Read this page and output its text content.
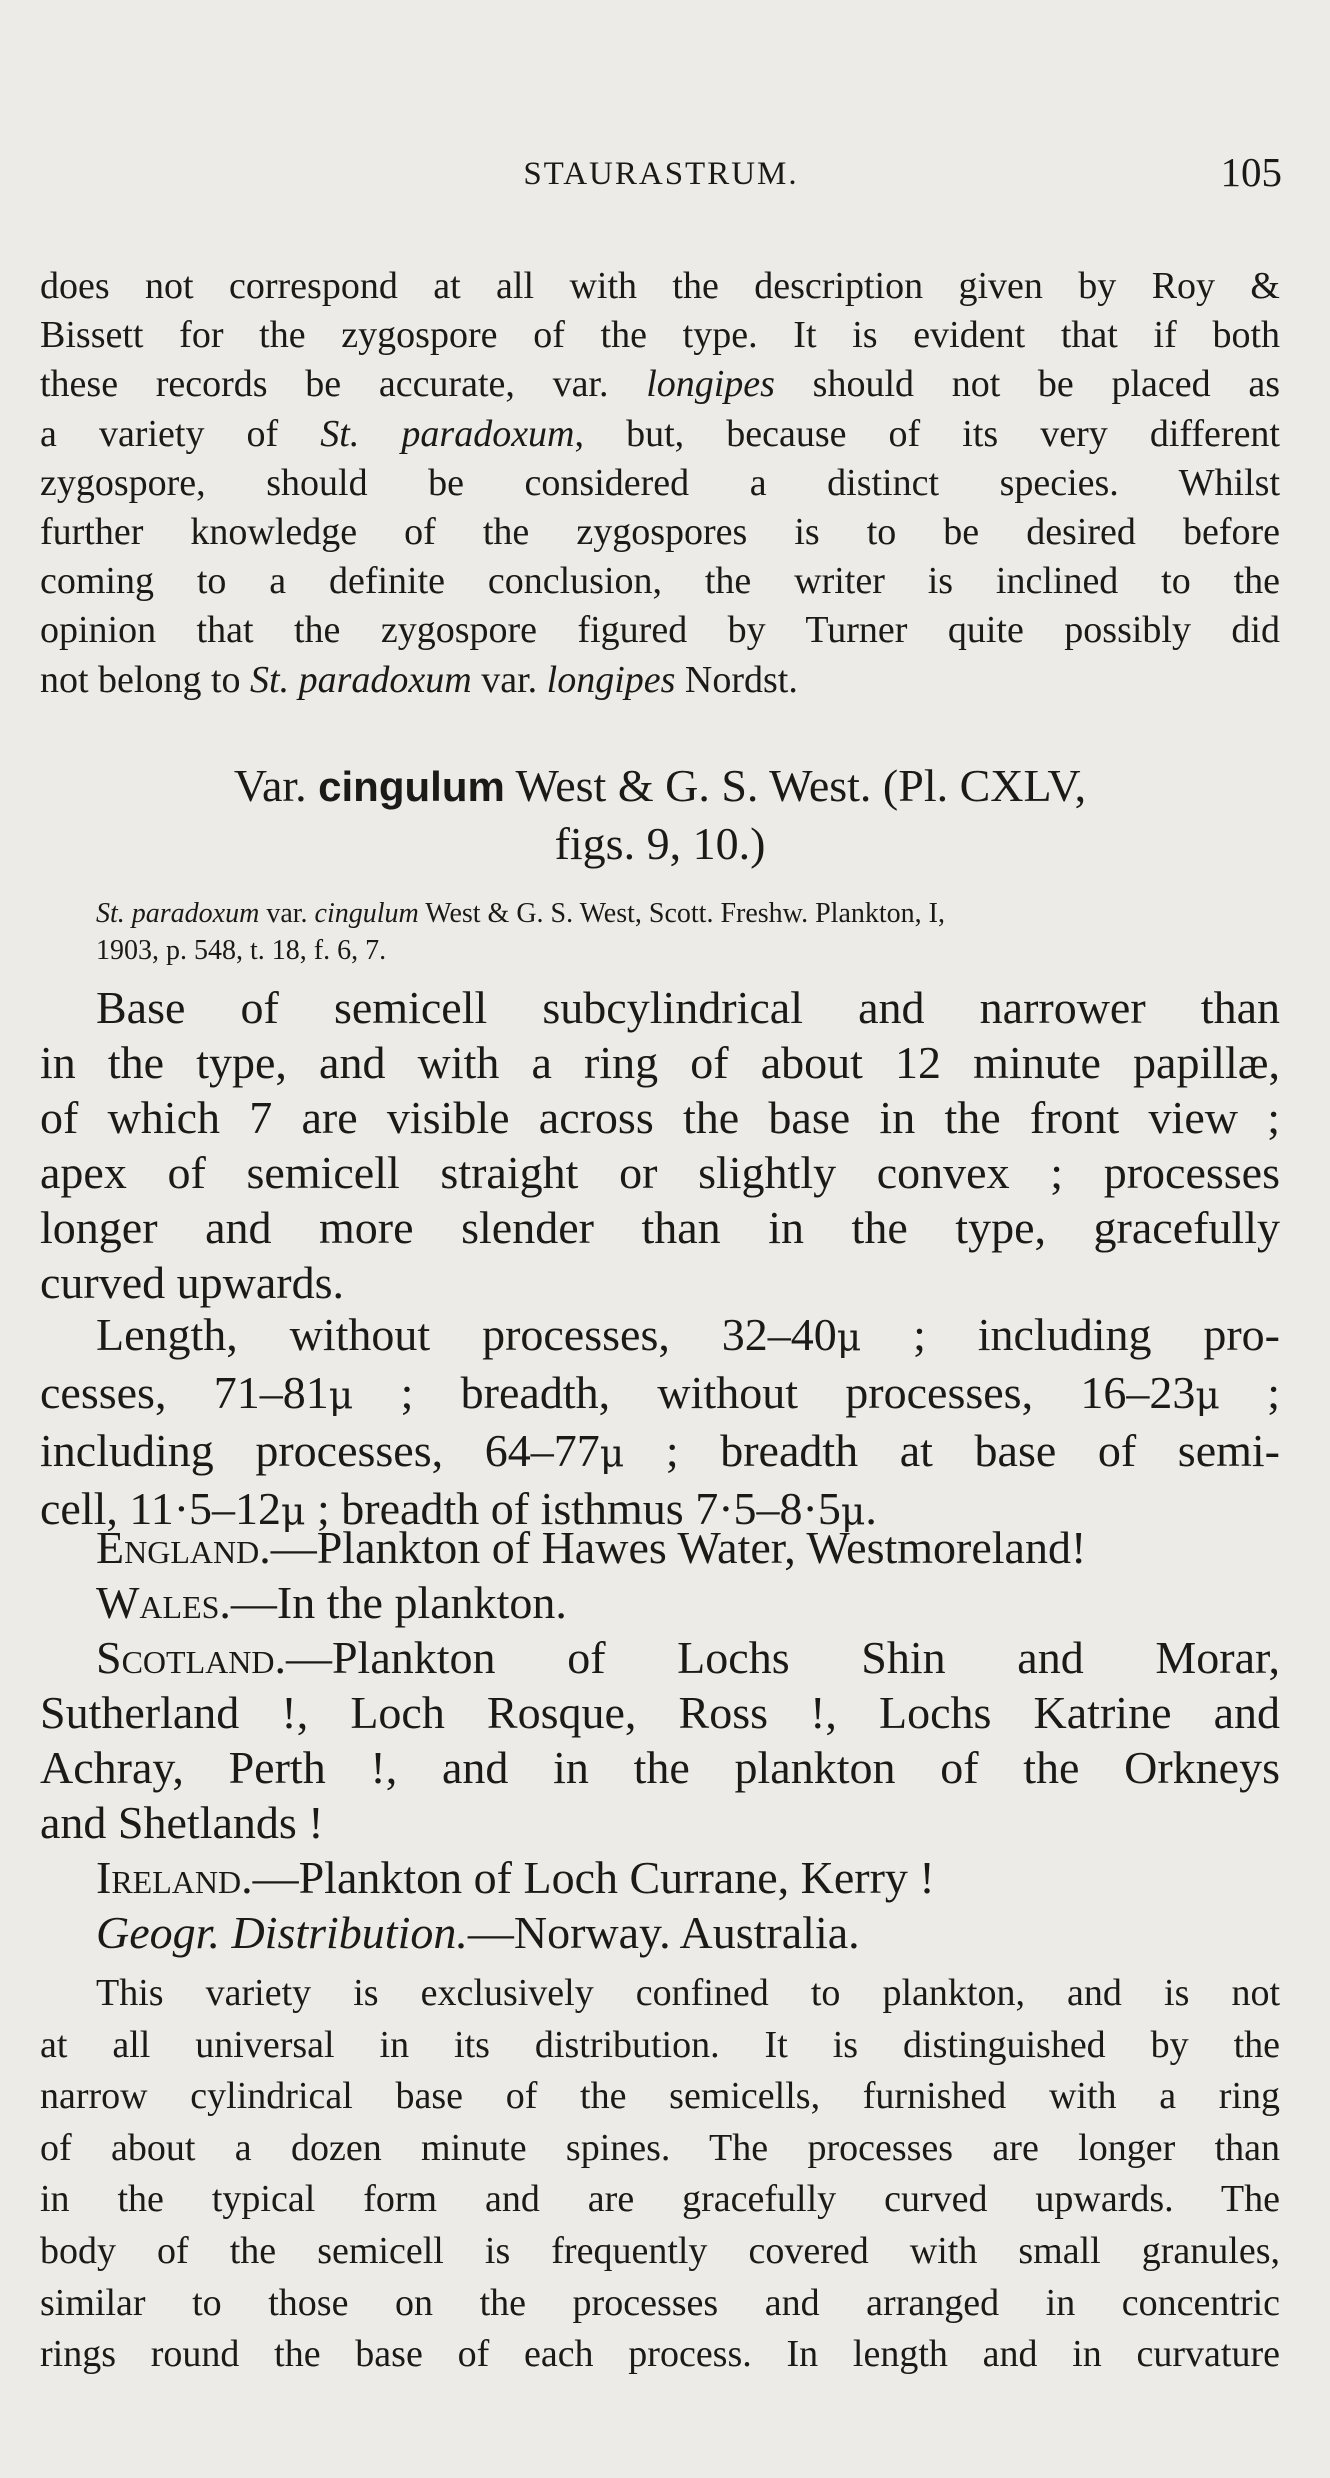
STAURASTRUM.	105
does not correspond at all with the description given by Roy &
Bissett for the zygospore of the type. It is evident that if both
these records be accurate, var. longipes should not be placed as
a variety of St. paradoxum, but, because of its very different
zygospore, should be considered a distinct species. Whilst
further knowledge of the zygospores is to be desired before
coming to a definite conclusion, the writer is inclined to the
opinion that the zygospore figured by Turner quite possibly did
not belong to St. paradoxum var. longipes Nordst.
Var. cingulum West & G. S. West. (Pl. CXLV,
figs. 9, 10.)
St. paradoxum var. cingulum West & G. S. West, Scott. Freshw. Plankton, I,
1903, p. 548, t. 18, f. 6, 7.
Base of semicell subcylindrical and narrower than
in the type, and with a ring of about 12 minute papillæ,
of which 7 are visible across the base in the front view ;
apex of semicell straight or slightly convex ; processes
longer and more slender than in the type, gracefully
curved upwards.
Length, without processes, 32–40μ ; including pro-
cesses, 71–81μ ; breadth, without processes, 16–23μ ;
including processes, 64–77μ ; breadth at base of semi-
cell, 11·5–12μ ; breadth of isthmus 7·5–8·5μ.
England.—Plankton of Hawes Water, Westmoreland!
Wales.—In the plankton.
Scotland.—Plankton of Lochs Shin and Morar,
Sutherland !, Loch Rosque, Ross !, Lochs Katrine and
Achray, Perth !, and in the plankton of the Orkneys
and Shetlands !
Ireland.—Plankton of Loch Currane, Kerry !
Geogr. Distribution.—Norway. Australia.
This variety is exclusively confined to plankton, and is not
at all universal in its distribution. It is distinguished by the
narrow cylindrical base of the semicells, furnished with a ring
of about a dozen minute spines. The processes are longer than
in the typical form and are gracefully curved upwards. The
body of the semicell is frequently covered with small granules,
similar to those on the processes and arranged in concentric
rings round the base of each process. In length and in curvature
